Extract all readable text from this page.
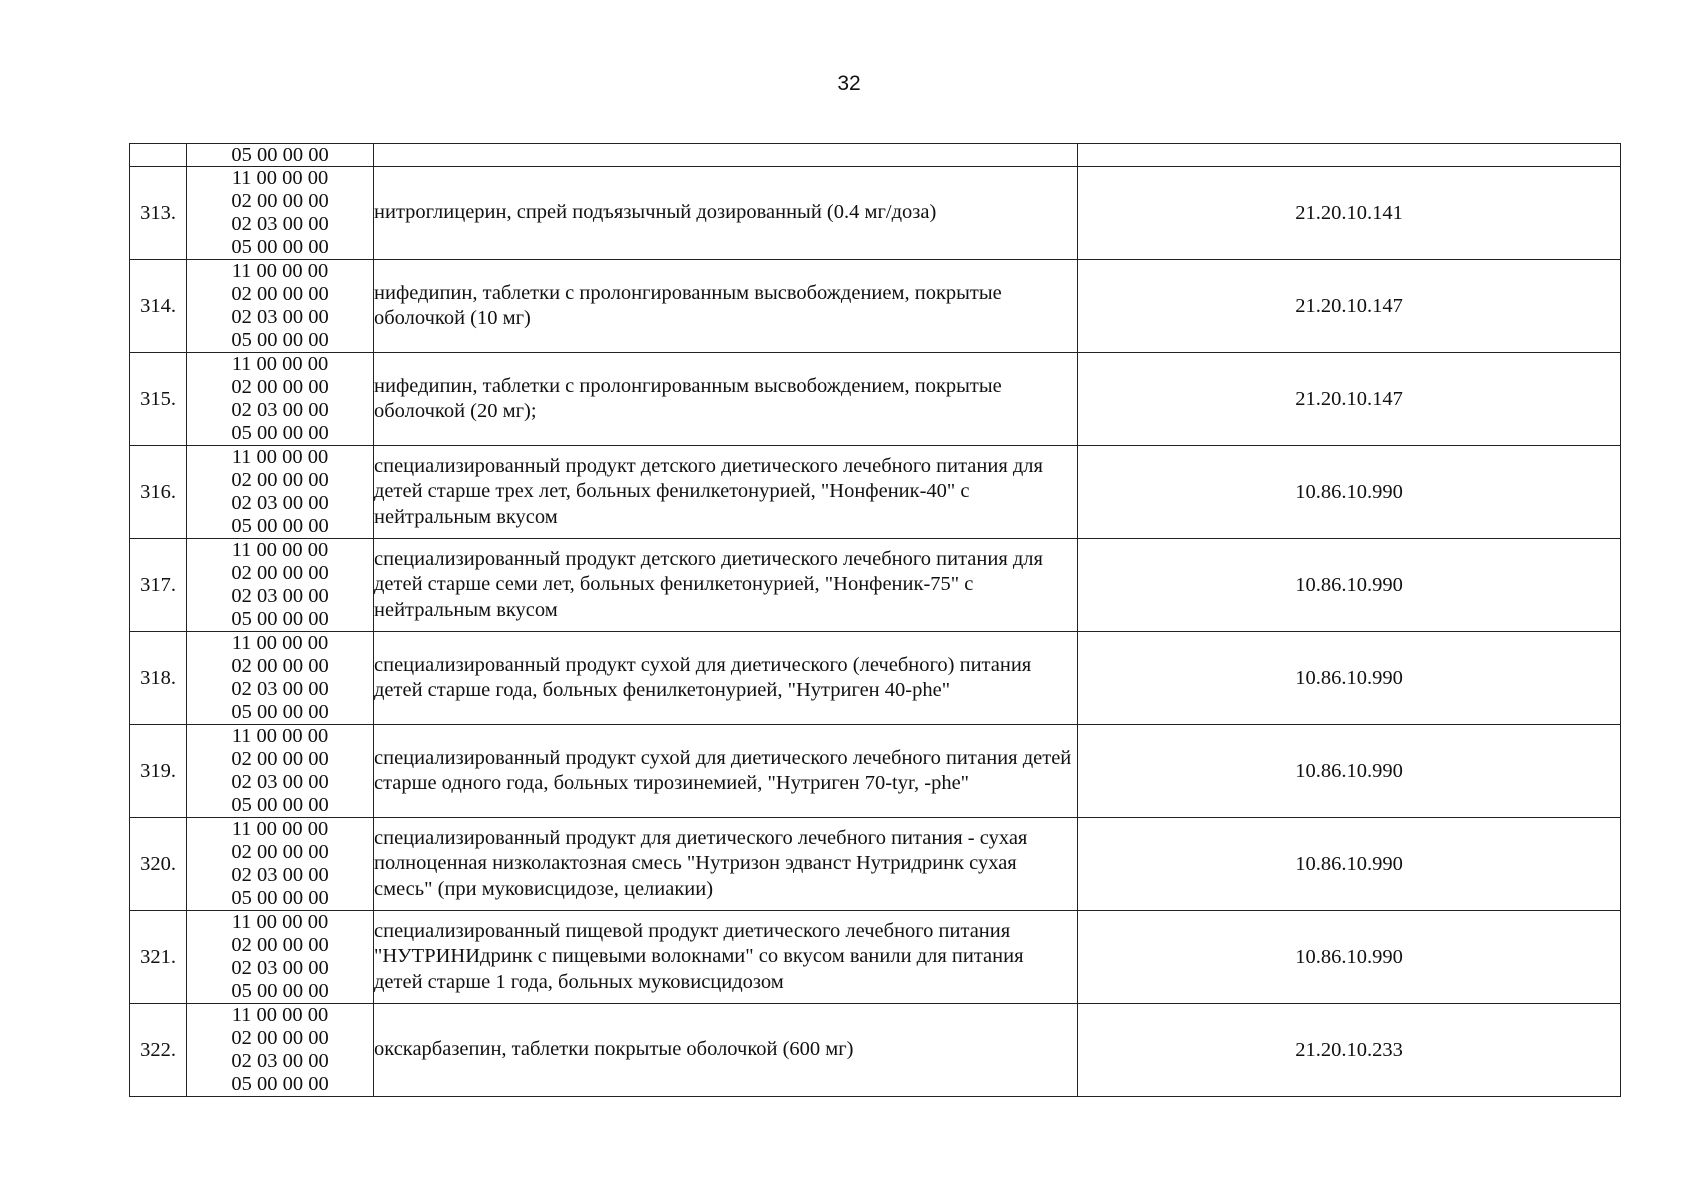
32

	05 00 00 00		

313.	11 00 00 00
02 00 00 00
02 03 00 00
05 00 00 00	нитроглицерин, спрей подъязычный дозированный (0.4 мг/доза)	21.20.10.141
314.	11 00 00 00
02 00 00 00
02 03 00 00
05 00 00 00	нифедипин, таблетки с пролонгированным высвобождением, покрытые оболочкой (10 мг)	21.20.10.147
315.	11 00 00 00
02 00 00 00
02 03 00 00
05 00 00 00	нифедипин, таблетки с пролонгированным высвобождением, покрытые оболочкой (20 мг);	21.20.10.147
316.	11 00 00 00
02 00 00 00
02 03 00 00
05 00 00 00	специализированный продукт детского диетического лечебного питания для детей старше трех лет, больных фенилкетонурией, "Нонфеник-40" с нейтральным вкусом	10.86.10.990
317.	11 00 00 00
02 00 00 00
02 03 00 00
05 00 00 00	специализированный продукт детского диетического лечебного питания для детей старше семи лет, больных фенилкетонурией, "Нонфеник-75" с нейтральным вкусом	10.86.10.990
318.	11 00 00 00
02 00 00 00
02 03 00 00
05 00 00 00	специализированный продукт сухой для диетического (лечебного) питания детей старше года, больных фенилкетонурией, "Нутриген 40-phe"	10.86.10.990
319.	11 00 00 00
02 00 00 00
02 03 00 00
05 00 00 00	специализированный продукт сухой для диетического лечебного питания детей старше одного года, больных тирозинемией, "Нутриген 70-tyr, -phe"	10.86.10.990
320.	11 00 00 00
02 00 00 00
02 03 00 00
05 00 00 00	специализированный продукт для диетического лечебного питания - сухая полноценная низколактозная смесь "Нутризон эдванст Нутридринк сухая смесь" (при муковисцидозе, целиакии)	10.86.10.990
321.	11 00 00 00
02 00 00 00
02 03 00 00
05 00 00 00	специализированный пищевой продукт диетического лечебного питания "НУТРИНИдринк с пищевыми волокнами" со вкусом ванили для питания детей старше 1 года, больных муковисцидозом	10.86.10.990
322.	11 00 00 00
02 00 00 00
02 03 00 00
05 00 00 00	окскарбазепин, таблетки покрытые оболочкой (600 мг)	21.20.10.233
